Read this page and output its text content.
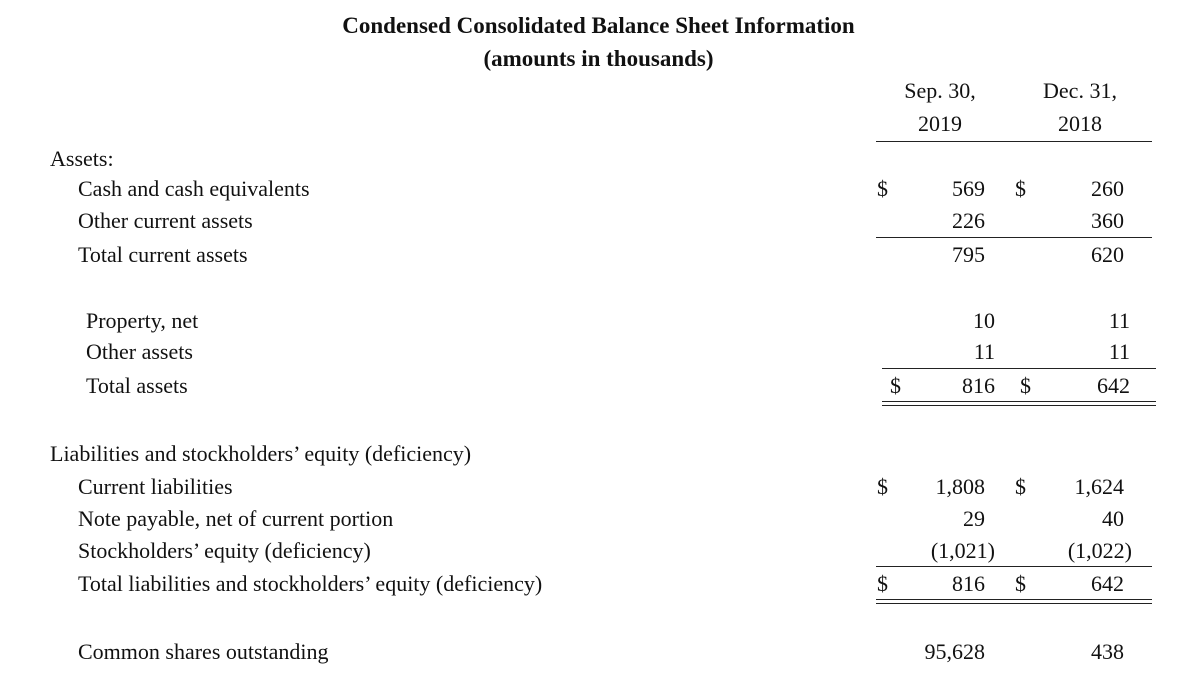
Condensed Consolidated Balance Sheet Information
(amounts in thousands)
Sep. 30,
2019
Dec. 31,
2018
Assets:
Cash and cash equivalents	$	569 $	260
Other current assets	226	360
Total current assets	795	620
Property, net	10	11
Other assets	11	11
Total assets	$	816 $	642
Liabilities and stockholders’ equity (deficiency)
Current liabilities	$ 1,808 $ 1,624
Note payable, net of current portion	29	40
Stockholders’ equity (deficiency)	(1,021)	(1,022)
Total liabilities and stockholders’ equity (deficiency)	$	816 $	642
Common shares outstanding	95,628	438
